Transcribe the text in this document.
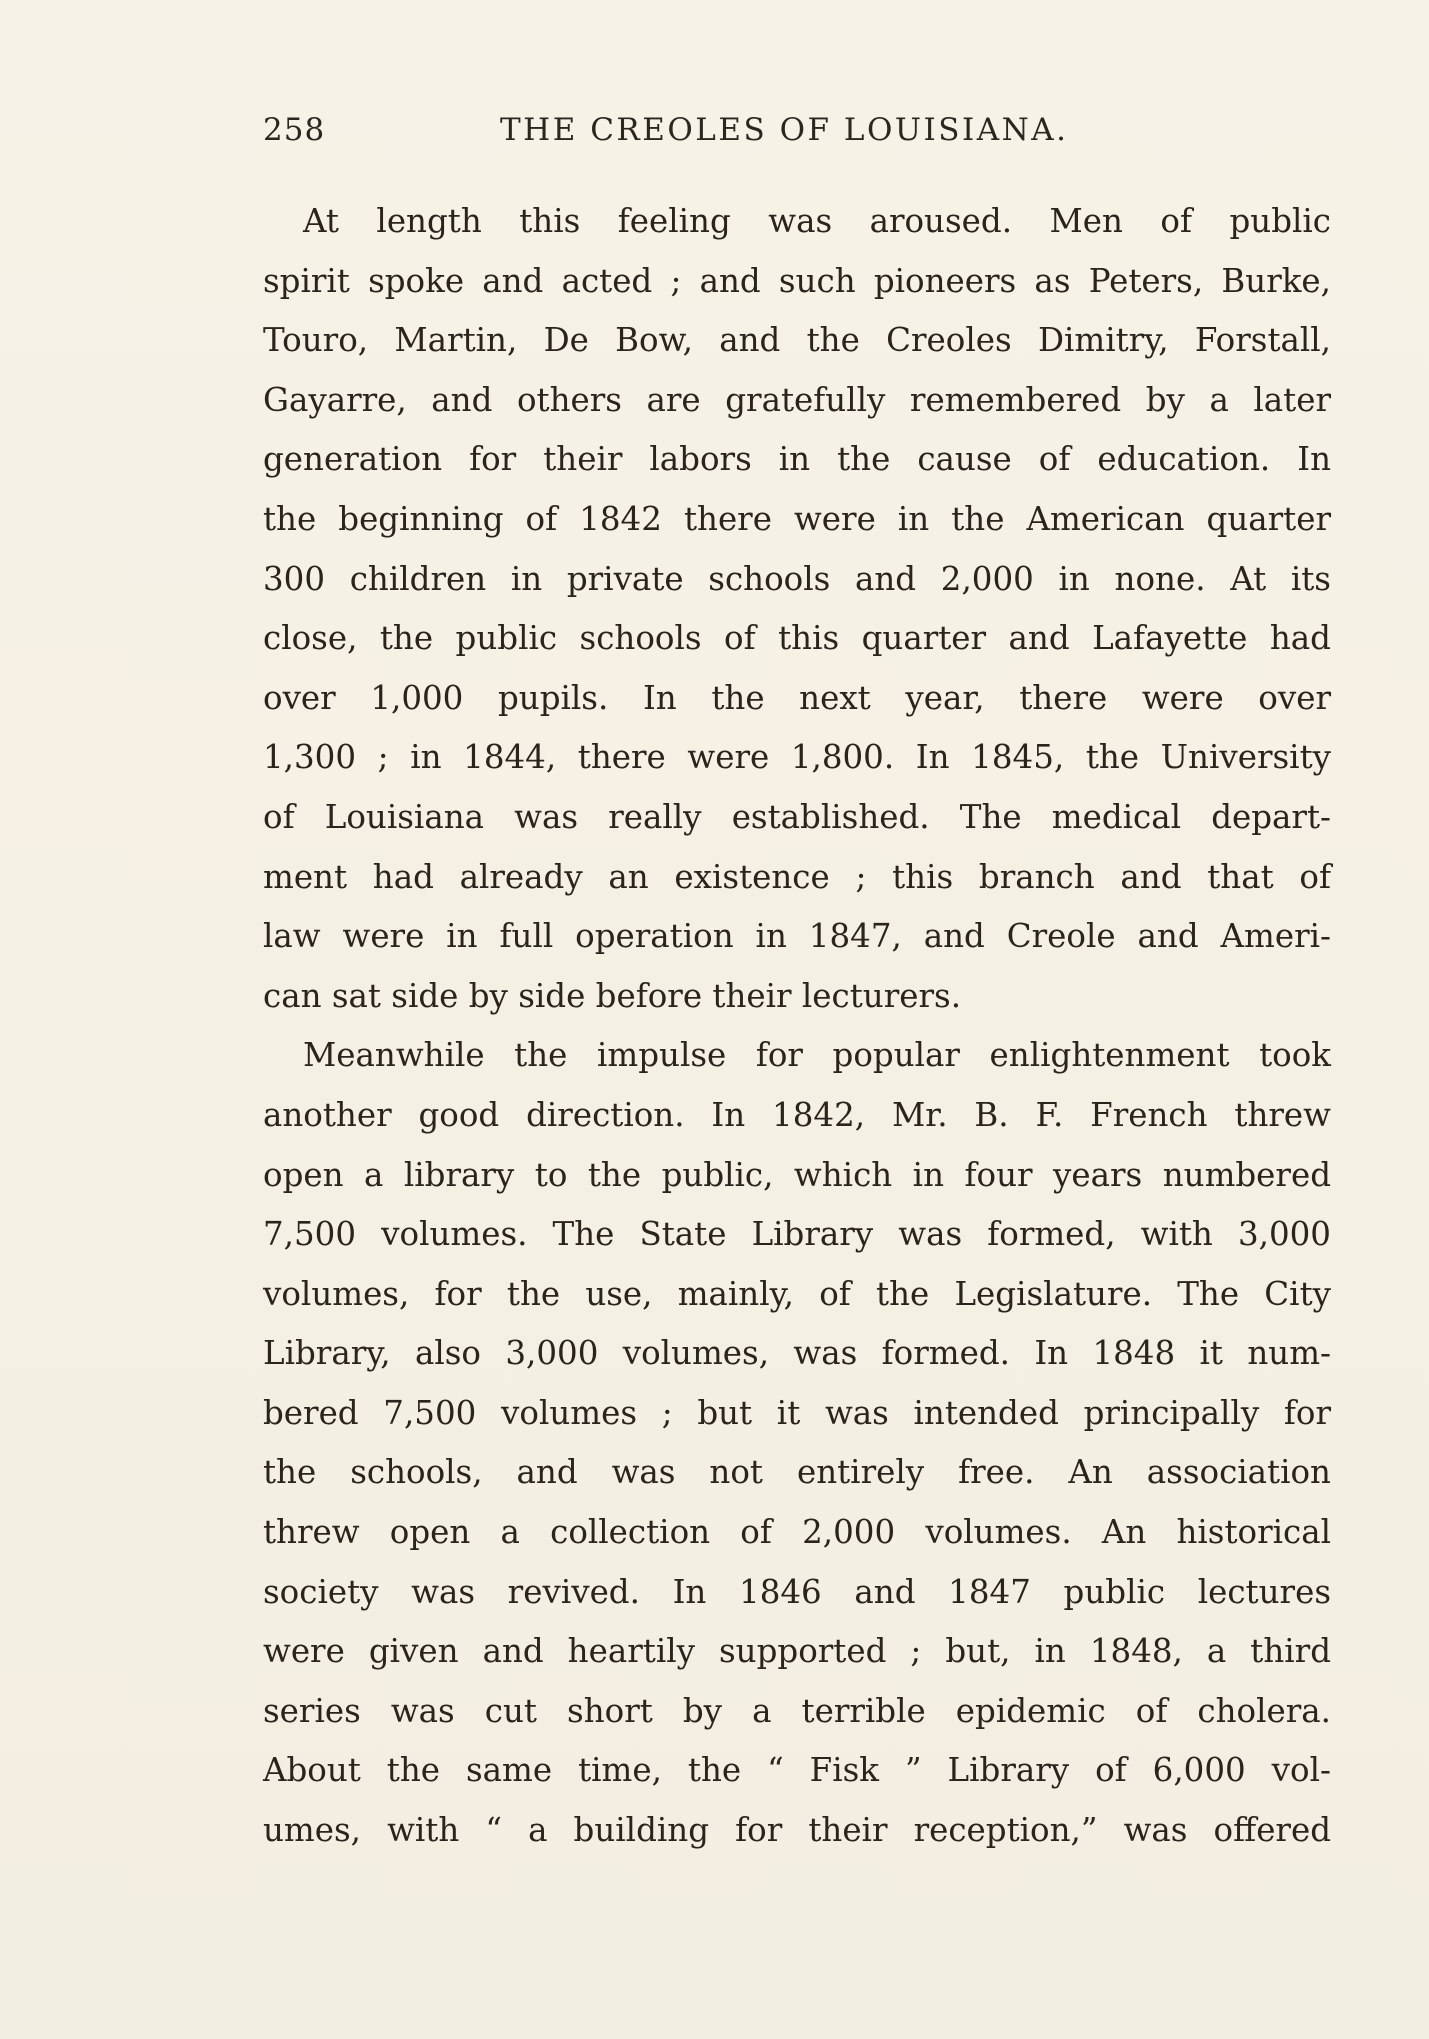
258	THE CREOLES OF LOUISIANA.
At length this feeling was aroused. Men of public
spirit spoke and acted ; and such pioneers as Peters, Burke,
Touro, Martin, De Bow, and the Creoles Dimitry, Forstall,
Gayarre, and others are gratefully remembered by a later
generation for their labors in the cause of education. In
the beginning of 1842 there were in the American quarter
300 children in private schools and 2,000 in none. At its
close, the public schools of this quarter and Lafayette had
over 1,000 pupils. In the next year, there were over
1,300 ; in 1844, there were 1,800. In 1845, the University
of Louisiana was really established. The medical depart-
ment had already an existence ; this branch and that of
law were in full operation in 1847, and Creole and Ameri-
can sat side by side before their lecturers.
Meanwhile the impulse for popular enlightenment took
another good direction. In 1842, Mr. B. F. French threw
open a library to the public, which in four years numbered
7,500 volumes. The State Library was formed, with 3,000
volumes, for the use, mainly, of the Legislature. The City
Library, also 3,000 volumes, was formed. In 1848 it num-
bered 7,500 volumes ; but it was intended principally for
the schools, and was not entirely free. An association
threw open a collection of 2,000 volumes. An historical
society was revived. In 1846 and 1847 public lectures
were given and heartily supported ; but, in 1848, a third
series was cut short by a terrible epidemic of cholera.
About the same time, the “ Fisk ” Library of 6,000 vol-
umes, with “ a building for their reception,” was offered
